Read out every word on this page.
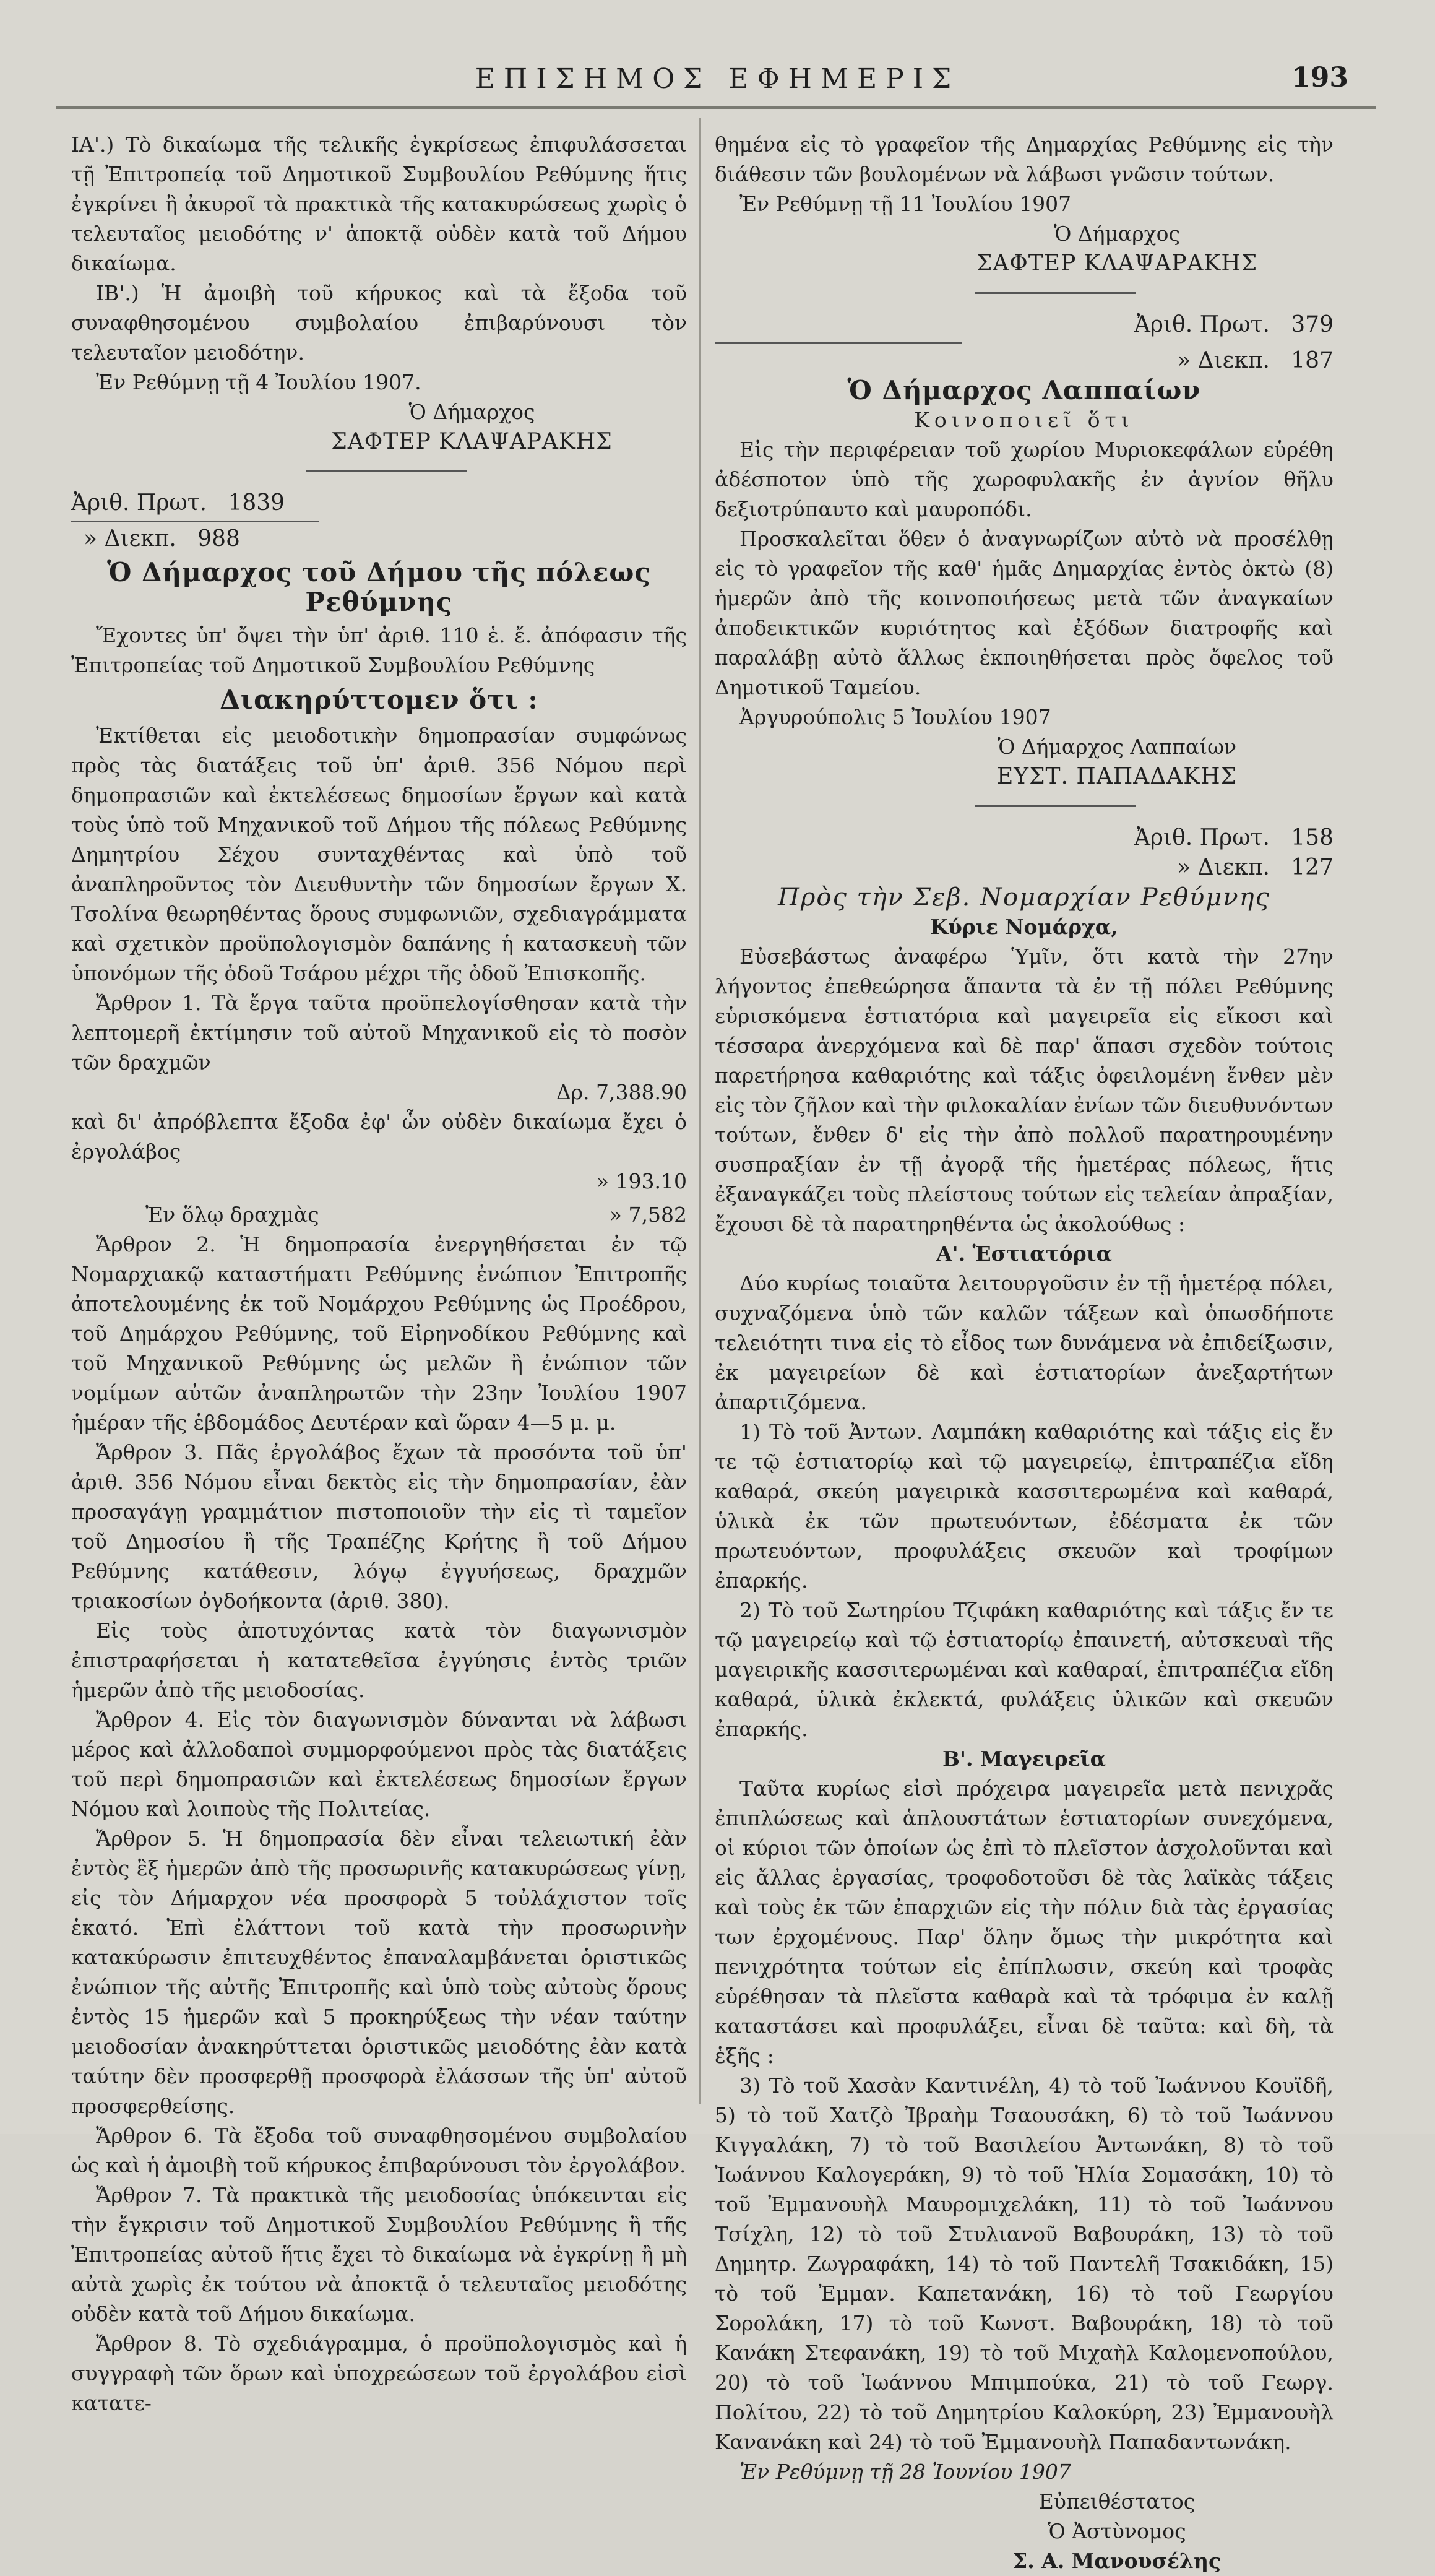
ΕΠΙΣΗΜΟΣ ΕΦΗΜΕΡΙΣ	193

ΙΑ'.) Τὸ δικαίωμα τῆς τελικῆς ἐγκρίσεως ἐπιφυλάσσεται τῇ Ἐπιτροπείᾳ τοῦ Δημοτικοῦ Συμβουλίου Ρεθύμνης ἥτις ἐγκρίνει ἢ ἀκυροῖ τὰ πρακτικὰ τῆς κατακυρώσεως χωρὶς ὁ τελευταῖος μειοδότης ν' ἀποκτᾷ οὐδὲν κατὰ τοῦ Δήμου δικαίωμα.

ΙΒ'.) Ἡ ἀμοιβὴ τοῦ κήρυκος καὶ τὰ ἔξοδα τοῦ συναφθησομένου συμβολαίου ἐπιβαρύνουσι τὸν τελευταῖον μειοδότην.

Ἐν Ρεθύμνῃ τῇ 4 Ἰουλίου 1907.

Ὁ Δήμαρχος

ΣΑΦΤΕΡ ΚΛΑΨΑΡΑΚΗΣ

Ἀριθ. Πρωτ. 1839
» Διεκπ. 988

Ὁ Δήμαρχος τοῦ Δήμου τῆς πόλεως Ρεθύμνης

Ἔχοντες ὑπ' ὄψει τὴν ὑπ' ἀριθ. 110 ἑ. ἔ. ἀπόφασιν τῆς Ἐπιτροπείας τοῦ Δημοτικοῦ Συμβουλίου Ρεθύμνης

Διακηρύττομεν ὅτι :

Ἐκτίθεται εἰς μειοδοτικὴν δημοπρασίαν συμφώνως πρὸς τὰς διατάξεις τοῦ ὑπ' ἀριθ. 356 Νόμου περὶ δημοπρασιῶν καὶ ἐκτελέσεως δημοσίων ἔργων καὶ κατὰ τοὺς ὑπὸ τοῦ Μηχανικοῦ τοῦ Δήμου τῆς πόλεως Ρεθύμνης Δημητρίου Σέχου συνταχθέντας καὶ ὑπὸ τοῦ ἀναπληροῦντος τὸν Διευθυντὴν τῶν δημοσίων ἔργων Χ. Τσολίνα θεωρηθέντας ὅρους συμφωνιῶν, σχεδιαγράμματα καὶ σχετικὸν προϋπολογισμὸν δαπάνης ἡ κατασκευὴ τῶν ὑπονόμων τῆς ὁδοῦ Τσάρου μέχρι τῆς ὁδοῦ Ἐπισκοπῆς.

Ἄρθρον 1. Τὰ ἔργα ταῦτα προϋπελογίσθησαν κατὰ τὴν λεπτομερῆ ἐκτίμησιν τοῦ αὐτοῦ Μηχανικοῦ εἰς τὸ ποσὸν τῶν δραχμῶν

Δρ. 7,388.90

καὶ δι' ἀπρόβλεπτα ἔξοδα ἐφ' ὧν οὐδὲν δικαίωμα ἔχει ὁ ἐργολάβος

» 193.10

Ἐν ὅλῳ δραχμὰς	» 7,582

Ἄρθρον 2. Ἡ δημοπρασία ἐνεργηθήσεται ἐν τῷ Νομαρχιακῷ καταστήματι Ρεθύμνης ἐνώπιον Ἐπιτροπῆς ἀποτελουμένης ἐκ τοῦ Νομάρχου Ρεθύμνης ὡς Προέδρου, τοῦ Δημάρχου Ρεθύμνης, τοῦ Εἰρηνοδίκου Ρεθύμνης καὶ τοῦ Μηχανικοῦ Ρεθύμνης ὡς μελῶν ἢ ἐνώπιον τῶν νομίμων αὐτῶν ἀναπληρωτῶν τὴν 23ην Ἰουλίου 1907 ἡμέραν τῆς ἑβδομάδος Δευτέραν καὶ ὥραν 4—5 μ. μ.

Ἄρθρον 3. Πᾶς ἐργολάβος ἔχων τὰ προσόντα τοῦ ὑπ' ἀριθ. 356 Νόμου εἶναι δεκτὸς εἰς τὴν δημοπρασίαν, ἐὰν προσαγάγῃ γραμμάτιον πιστοποιοῦν τὴν εἰς τὶ ταμεῖον τοῦ Δημοσίου ἢ τῆς Τραπέζης Κρήτης ἢ τοῦ Δήμου Ρεθύμνης κατάθεσιν, λόγῳ ἐγγυήσεως, δραχμῶν τριακοσίων ὀγδοήκοντα (ἀριθ. 380).

Εἰς τοὺς ἀποτυχόντας κατὰ τὸν διαγωνισμὸν ἐπιστραφήσεται ἡ κατατεθεῖσα ἐγγύησις ἐντὸς τριῶν ἡμερῶν ἀπὸ τῆς μειοδοσίας.

Ἄρθρον 4. Εἰς τὸν διαγωνισμὸν δύνανται νὰ λάβωσι μέρος καὶ ἀλλοδαποὶ συμμορφούμενοι πρὸς τὰς διατάξεις τοῦ περὶ δημοπρασιῶν καὶ ἐκτελέσεως δημοσίων ἔργων Νόμου καὶ λοιποὺς τῆς Πολιτείας.

Ἄρθρον 5. Ἡ δημοπρασία δὲν εἶναι τελειωτική ἐὰν ἐντὸς ἓξ ἡμερῶν ἀπὸ τῆς προσωρινῆς κατακυρώσεως γίνῃ, εἰς τὸν Δήμαρχον νέα προσφορὰ 5 τοὐλάχιστον τοῖς ἑκατό. Ἐπὶ ἐλάττονι τοῦ κατὰ τὴν προσωρινὴν κατακύρωσιν ἐπιτευχθέντος ἐπαναλαμβάνεται ὁριστικῶς ἐνώπιον τῆς αὐτῆς Ἐπιτροπῆς καὶ ὑπὸ τοὺς αὐτοὺς ὅρους ἐντὸς 15 ἡμερῶν καὶ 5 προκηρύξεως τὴν νέαν ταύτην μειοδοσίαν ἀνακηρύττεται ὁριστικῶς μειοδότης ἐὰν κατὰ ταύτην δὲν προσφερθῇ προσφορὰ ἐλάσσων τῆς ὑπ' αὐτοῦ προσφερθείσης.

Ἄρθρον 6. Τὰ ἔξοδα τοῦ συναφθησομένου συμβολαίου ὡς καὶ ἡ ἀμοιβὴ τοῦ κήρυκος ἐπιβαρύνουσι τὸν ἐργολάβον.

Ἄρθρον 7. Τὰ πρακτικὰ τῆς μειοδοσίας ὑπόκεινται εἰς τὴν ἔγκρισιν τοῦ Δημοτικοῦ Συμβουλίου Ρεθύμνης ἢ τῆς Ἐπιτροπείας αὐτοῦ ἥτις ἔχει τὸ δικαίωμα νὰ ἐγκρίνῃ ἢ μὴ αὐτὰ χωρὶς ἐκ τούτου νὰ ἀποκτᾷ ὁ τελευταῖος μειοδότης οὐδὲν κατὰ τοῦ Δήμου δικαίωμα.

Ἄρθρον 8. Τὸ σχεδιάγραμμα, ὁ προϋπολογισμὸς καὶ ἡ συγγραφὴ τῶν ὅρων καὶ ὑποχρεώσεων τοῦ ἐργολάβου εἰσὶ κατατε-

θημένα εἰς τὸ γραφεῖον τῆς Δημαρχίας Ρεθύμνης εἰς τὴν διάθεσιν τῶν βουλομένων νὰ λάβωσι γνῶσιν τούτων.

Ἐν Ρεθύμνῃ τῇ 11 Ἰουλίου 1907

Ὁ Δήμαρχος

ΣΑΦΤΕΡ ΚΛΑΨΑΡΑΚΗΣ

Ἀριθ. Πρωτ. 379
» Διεκπ. 187

Ὁ Δήμαρχος Λαππαίων

Κοινοποιεῖ ὅτι

Εἰς τὴν περιφέρειαν τοῦ χωρίου Μυριοκεφάλων εὑρέθη ἀδέσποτον ὑπὸ τῆς χωροφυλακῆς ἐν ἀγνίον θῆλυ δεξιοτρύπαυτο καὶ μαυροπόδι.

Προσκαλεῖται ὅθεν ὁ ἀναγνωρίζων αὐτὸ νὰ προσέλθῃ εἰς τὸ γραφεῖον τῆς καθ' ἡμᾶς Δημαρχίας ἐντὸς ὀκτὼ (8) ἡμερῶν ἀπὸ τῆς κοινοποιήσεως μετὰ τῶν ἀναγκαίων ἀποδεικτικῶν κυριότητος καὶ ἐξόδων διατροφῆς καὶ παραλάβῃ αὐτὸ ἄλλως ἐκποιηθήσεται πρὸς ὄφελος τοῦ Δημοτικοῦ Ταμείου.

Ἀργυρούπολις 5 Ἰουλίου 1907

Ὁ Δήμαρχος Λαππαίων

ΕΥΣΤ. ΠΑΠΑΔΑΚΗΣ

Ἀριθ. Πρωτ. 158
» Διεκπ. 127

Πρὸς τὴν Σεβ. Νομαρχίαν Ρεθύμνης

Κύριε Νομάρχα,

Εὐσεβάστως ἀναφέρω Ὑμῖν, ὅτι κατὰ τὴν 27ην λήγοντος ἐπεθεώρησα ἅπαντα τὰ ἐν τῇ πόλει Ρεθύμνης εὑρισκόμενα ἑστιατόρια καὶ μαγειρεῖα εἰς εἴκοσι καὶ τέσσαρα ἀνερχόμενα καὶ δὲ παρ' ἅπασι σχεδὸν τούτοις παρετήρησα καθαριότης καὶ τάξις ὀφειλομένη ἔνθεν μὲν εἰς τὸν ζῆλον καὶ τὴν φιλοκαλίαν ἐνίων τῶν διευθυνόντων τούτων, ἔνθεν δ' εἰς τὴν ἀπὸ πολλοῦ παρατηρουμένην συσπραξίαν ἐν τῇ ἀγορᾷ τῆς ἡμετέρας πόλεως, ἥτις ἐξαναγκάζει τοὺς πλείστους τούτων εἰς τελείαν ἀπραξίαν, ἔχουσι δὲ τὰ παρατηρηθέντα ὡς ἀκολούθως :

Α'. Ἑστιατόρια

Δύο κυρίως τοιαῦτα λειτουργοῦσιν ἐν τῇ ἡμετέρᾳ πόλει, συχναζόμενα ὑπὸ τῶν καλῶν τάξεων καὶ ὁπωσδήποτε τελειότητι τινα εἰς τὸ εἶδος των δυνάμενα νὰ ἐπιδείξωσιν, ἐκ μαγειρείων δὲ καὶ ἑστιατορίων ἀνεξαρτήτων ἀπαρτιζόμενα.

1) Τὸ τοῦ Ἀντων. Λαμπάκη καθαριότης καὶ τάξις εἰς ἔν τε τῷ ἑστιατορίῳ καὶ τῷ μαγειρείῳ, ἐπιτραπέζια εἴδη καθαρά, σκεύη μαγειρικὰ κασσιτερωμένα καὶ καθαρά, ὑλικὰ ἐκ τῶν πρωτευόντων, ἐδέσματα ἐκ τῶν πρωτευόντων, προφυλάξεις σκευῶν καὶ τροφίμων ἐπαρκής.

2) Τὸ τοῦ Σωτηρίου Τζιφάκη καθαριότης καὶ τάξις ἔν τε τῷ μαγειρείῳ καὶ τῷ ἑστιατορίῳ ἐπαινετή, αὐτσκευαὶ τῆς μαγειρικῆς κασσιτερωμέναι καὶ καθαραί, ἐπιτραπέζια εἴδη καθαρά, ὑλικὰ ἐκλεκτά, φυλάξεις ὑλικῶν καὶ σκευῶν ἐπαρκής.

Β'. Μαγειρεῖα

Ταῦτα κυρίως εἰσὶ πρόχειρα μαγειρεῖα μετὰ πενιχρᾶς ἐπιπλώσεως καὶ ἁπλουστάτων ἑστιατορίων συνεχόμενα, οἱ κύριοι τῶν ὁποίων ὡς ἐπὶ τὸ πλεῖστον ἀσχολοῦνται καὶ εἰς ἄλλας ἐργασίας, τροφοδοτοῦσι δὲ τὰς λαϊκὰς τάξεις καὶ τοὺς ἐκ τῶν ἐπαρχιῶν εἰς τὴν πόλιν διὰ τὰς ἐργασίας των ἐρχομένους. Παρ' ὅλην ὅμως τὴν μικρότητα καὶ πενιχρότητα τούτων εἰς ἐπίπλωσιν, σκεύη καὶ τροφὰς εὑρέθησαν τὰ πλεῖστα καθαρὰ καὶ τὰ τρόφιμα ἐν καλῇ καταστάσει καὶ προφυλάξει, εἶναι δὲ ταῦτα: καὶ δὴ, τὰ ἑξῆς :

3) Τὸ τοῦ Χασὰν Καντινέλη, 4) τὸ τοῦ Ἰωάννου Κουϊδῆ, 5) τὸ τοῦ Χατζὸ Ἰβραὴμ Τσαουσάκη, 6) τὸ τοῦ Ἰωάννου Κιγγαλάκη, 7) τὸ τοῦ Βασιλείου Ἀντωνάκη, 8) τὸ τοῦ Ἰωάννου Καλογεράκη, 9) τὸ τοῦ Ἠλία Σομασάκη, 10) τὸ τοῦ Ἐμμανουὴλ Μαυρομιχελάκη, 11) τὸ τοῦ Ἰωάννου Τσίχλη, 12) τὸ τοῦ Στυλιανοῦ Βαβουράκη, 13) τὸ τοῦ Δημητρ. Ζωγραφάκη, 14) τὸ τοῦ Παντελῆ Τσακιδάκη, 15) τὸ τοῦ Ἐμμαν. Καπετανάκη, 16) τὸ τοῦ Γεωργίου Σορολάκη, 17) τὸ τοῦ Κωνστ. Βαβουράκη, 18) τὸ τοῦ Κανάκη Στεφανάκη, 19) τὸ τοῦ Μιχαὴλ Καλομενοπούλου, 20) τὸ τοῦ Ἰωάννου Μπιμπούκα, 21) τὸ τοῦ Γεωργ. Πολίτου, 22) τὸ τοῦ Δημητρίου Καλοκύρη, 23) Ἐμμανουὴλ Κανανάκη καὶ 24) τὸ τοῦ Ἐμμανουὴλ Παπαδαντωνάκη.

Ἐν Ρεθύμνῃ τῇ 28 Ἰουνίου 1907

Εὐπειθέστατος

Ὁ Ἀστὺνομος

Σ. Α. Μανουσέλης
